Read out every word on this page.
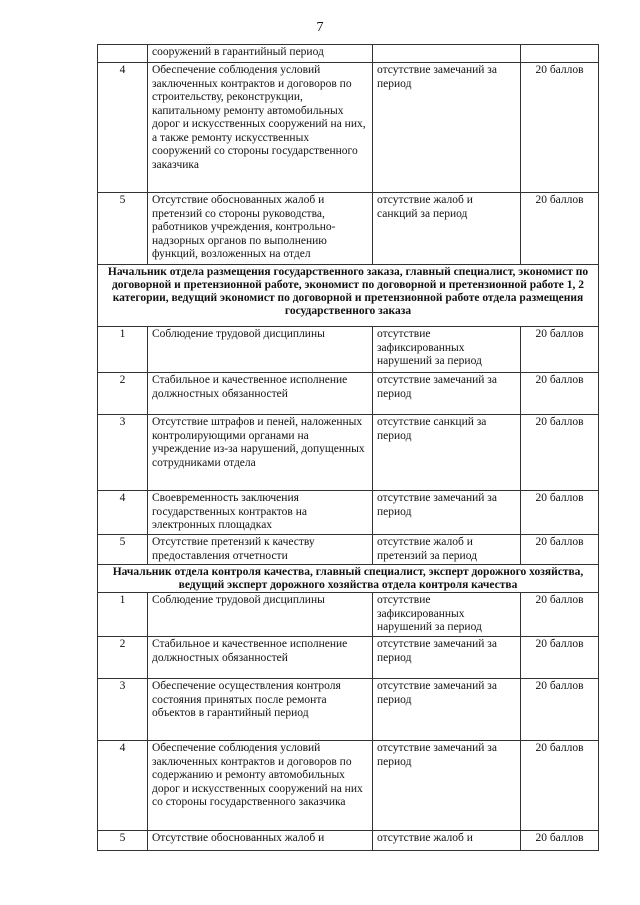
7
	сооружений в гарантийный период		
4	Обеспечение соблюдения условий заключенных контрактов и договоров по строительству, реконструкции, капитальному ремонту автомобильных дорог и искусственных сооружений на них, а также ремонту искусственных сооружений со стороны государственного заказчика	отсутствие замечаний за период	20 баллов
5	Отсутствие обоснованных жалоб и претензий со стороны руководства, работников учреждения, контрольно-надзорных органов по выполнению функций, возложенных на отдел	отсутствие жалоб и санкций за период	20 баллов
Начальник отдела размещения государственного заказа, главный специалист, экономист по договорной и претензионной работе, экономист по договорной и претензионной работе 1, 2 категории, ведущий экономист по договорной и претензионной работе отдела размещения государственного заказа			
1	Соблюдение трудовой дисциплины	отсутствие зафиксированных нарушений за период	20 баллов
2	Стабильное и качественное исполнение должностных обязанностей	отсутствие замечаний за период	20 баллов
3	Отсутствие штрафов и пеней, наложенных контролирующими органами на учреждение из-за нарушений, допущенных сотрудниками отдела	отсутствие санкций за период	20 баллов
4	Своевременность заключения государственных контрактов на электронных площадках	отсутствие замечаний за период	20 баллов
5	Отсутствие претензий к качеству предоставления отчетности	отсутствие жалоб и претензий за период	20 баллов
Начальник отдела контроля качества, главный специалист, эксперт дорожного хозяйства, ведущий эксперт дорожного хозяйства отдела контроля качества			
1	Соблюдение трудовой дисциплины	отсутствие зафиксированных нарушений за период	20 баллов
2	Стабильное и качественное исполнение должностных обязанностей	отсутствие замечаний за период	20 баллов
3	Обеспечение осуществления контроля состояния принятых после ремонта объектов в гарантийный период	отсутствие замечаний за период	20 баллов
4	Обеспечение соблюдения условий заключенных контрактов и договоров по содержанию и ремонту автомобильных дорог и искусственных сооружений на них со стороны государственного заказчика	отсутствие замечаний за период	20 баллов
5	Отсутствие обоснованных жалоб и	отсутствие жалоб и	20 баллов
